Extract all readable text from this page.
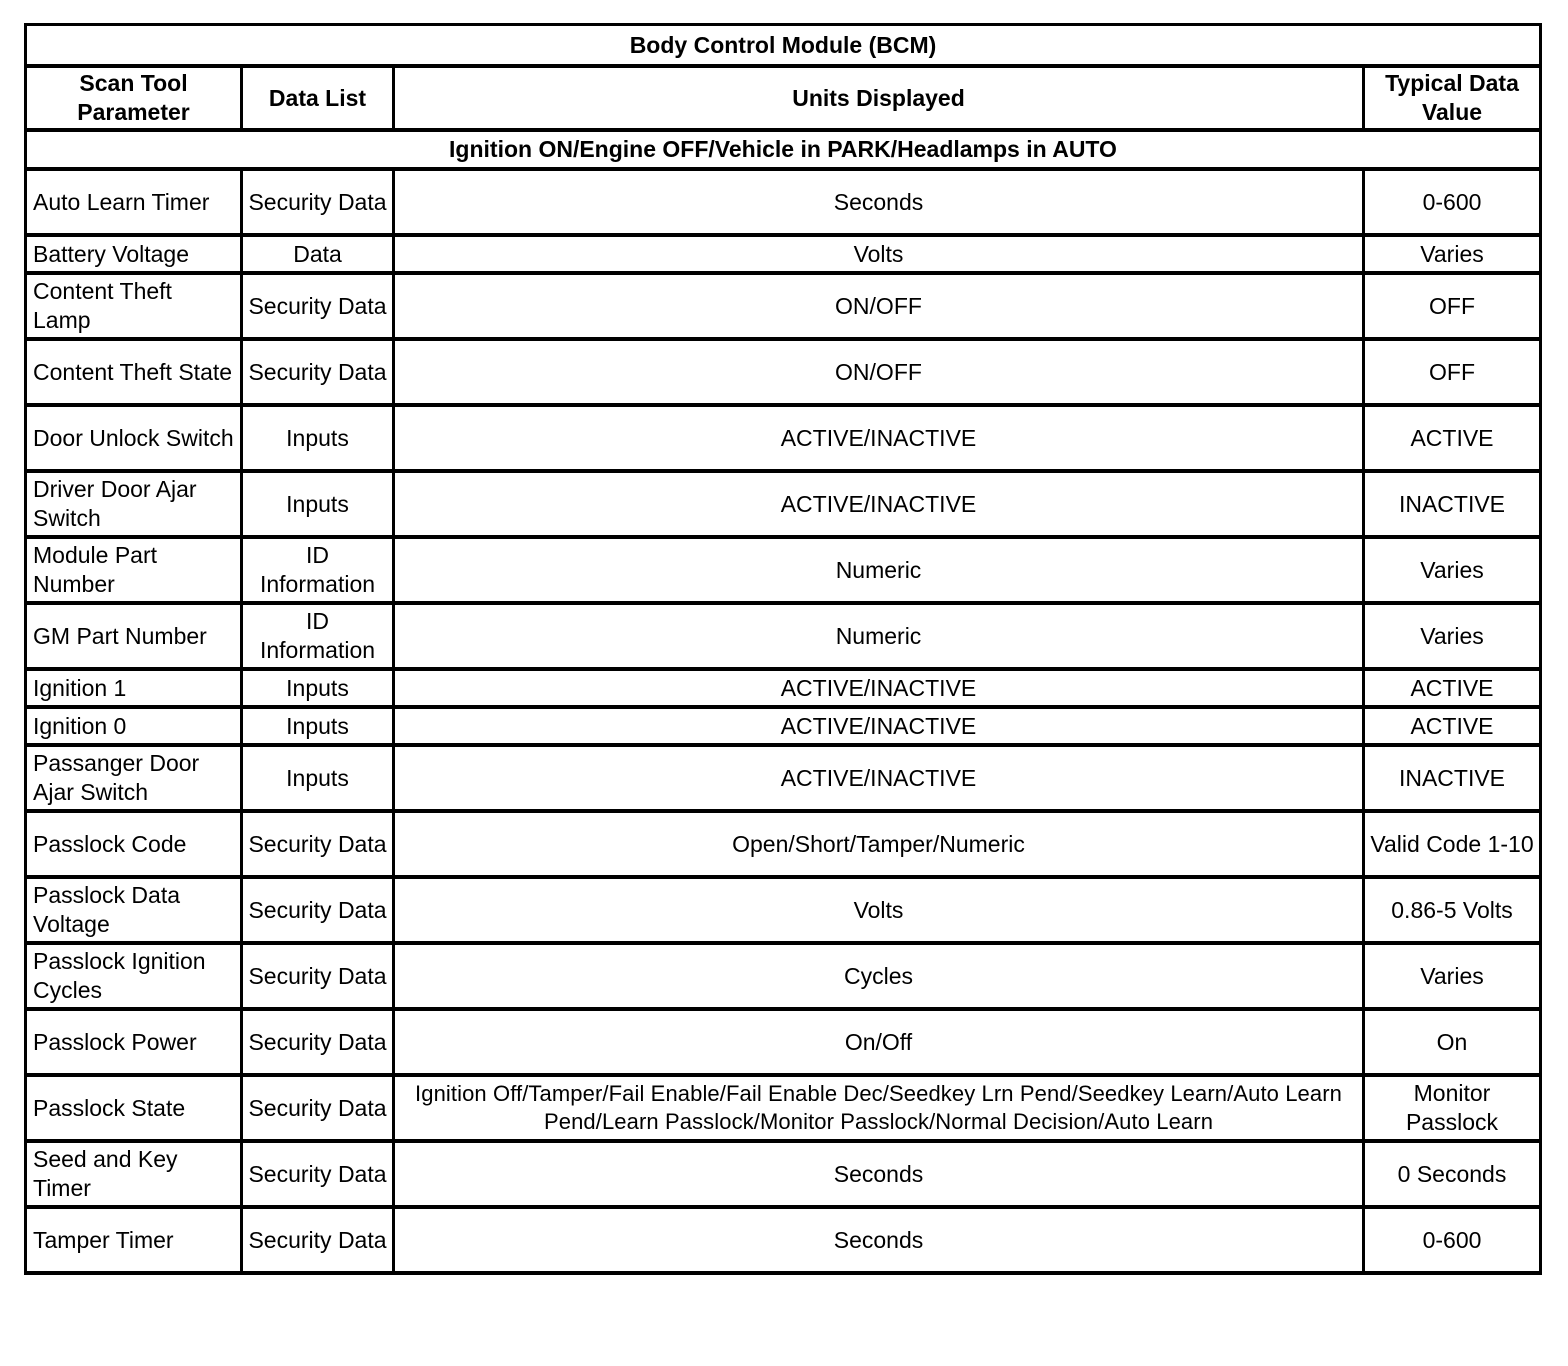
Body Control Module (BCM)			
Scan Tool Parameter	Data List	Units Displayed	Typical Data Value
Ignition ON/Engine OFF/Vehicle in PARK/Headlamps in AUTO			
Auto Learn Timer	Security Data	Seconds	0-600
Battery Voltage	Data	Volts	Varies
Content Theft Lamp	Security Data	ON/OFF	OFF
Content Theft State	Security Data	ON/OFF	OFF
Door Unlock Switch	Inputs	ACTIVE/INACTIVE	ACTIVE
Driver Door Ajar Switch	Inputs	ACTIVE/INACTIVE	INACTIVE
Module Part Number	ID Information	Numeric	Varies
GM Part Number	ID Information	Numeric	Varies
Ignition 1	Inputs	ACTIVE/INACTIVE	ACTIVE
Ignition 0	Inputs	ACTIVE/INACTIVE	ACTIVE
Passanger Door Ajar Switch	Inputs	ACTIVE/INACTIVE	INACTIVE
Passlock Code	Security Data	Open/Short/Tamper/Numeric	Valid Code 1-10
Passlock Data Voltage	Security Data	Volts	0.86-5 Volts
Passlock Ignition Cycles	Security Data	Cycles	Varies
Passlock Power	Security Data	On/Off	On
Passlock State	Security Data	Ignition Off/Tamper/Fail Enable/Fail Enable Dec/Seedkey Lrn Pend/Seedkey Learn/Auto Learn Pend/Learn Passlock/Monitor Passlock/Normal Decision/Auto Learn	Monitor Passlock
Seed and Key Timer	Security Data	Seconds	0 Seconds
Tamper Timer	Security Data	Seconds	0-600
